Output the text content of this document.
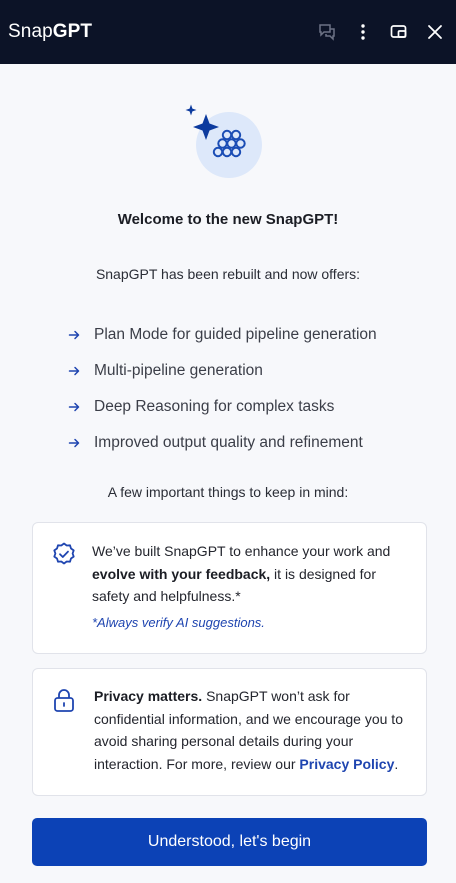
SnapGPT
Welcome to the new SnapGPT!
SnapGPT has been rebuilt and now offers:
Plan Mode for guided pipeline generation
Multi-pipeline generation
Deep Reasoning for complex tasks
Improved output quality and refinement
A few important things to keep in mind:
We’ve built SnapGPT to enhance your work and evolve with your feedback, it is designed for safety and helpfulness.*
*Always verify AI suggestions.
Privacy matters. SnapGPT won’t ask for confidential information, and we encourage you to avoid sharing personal details during your interaction. For more, review our Privacy Policy.
Understood, let's begin
